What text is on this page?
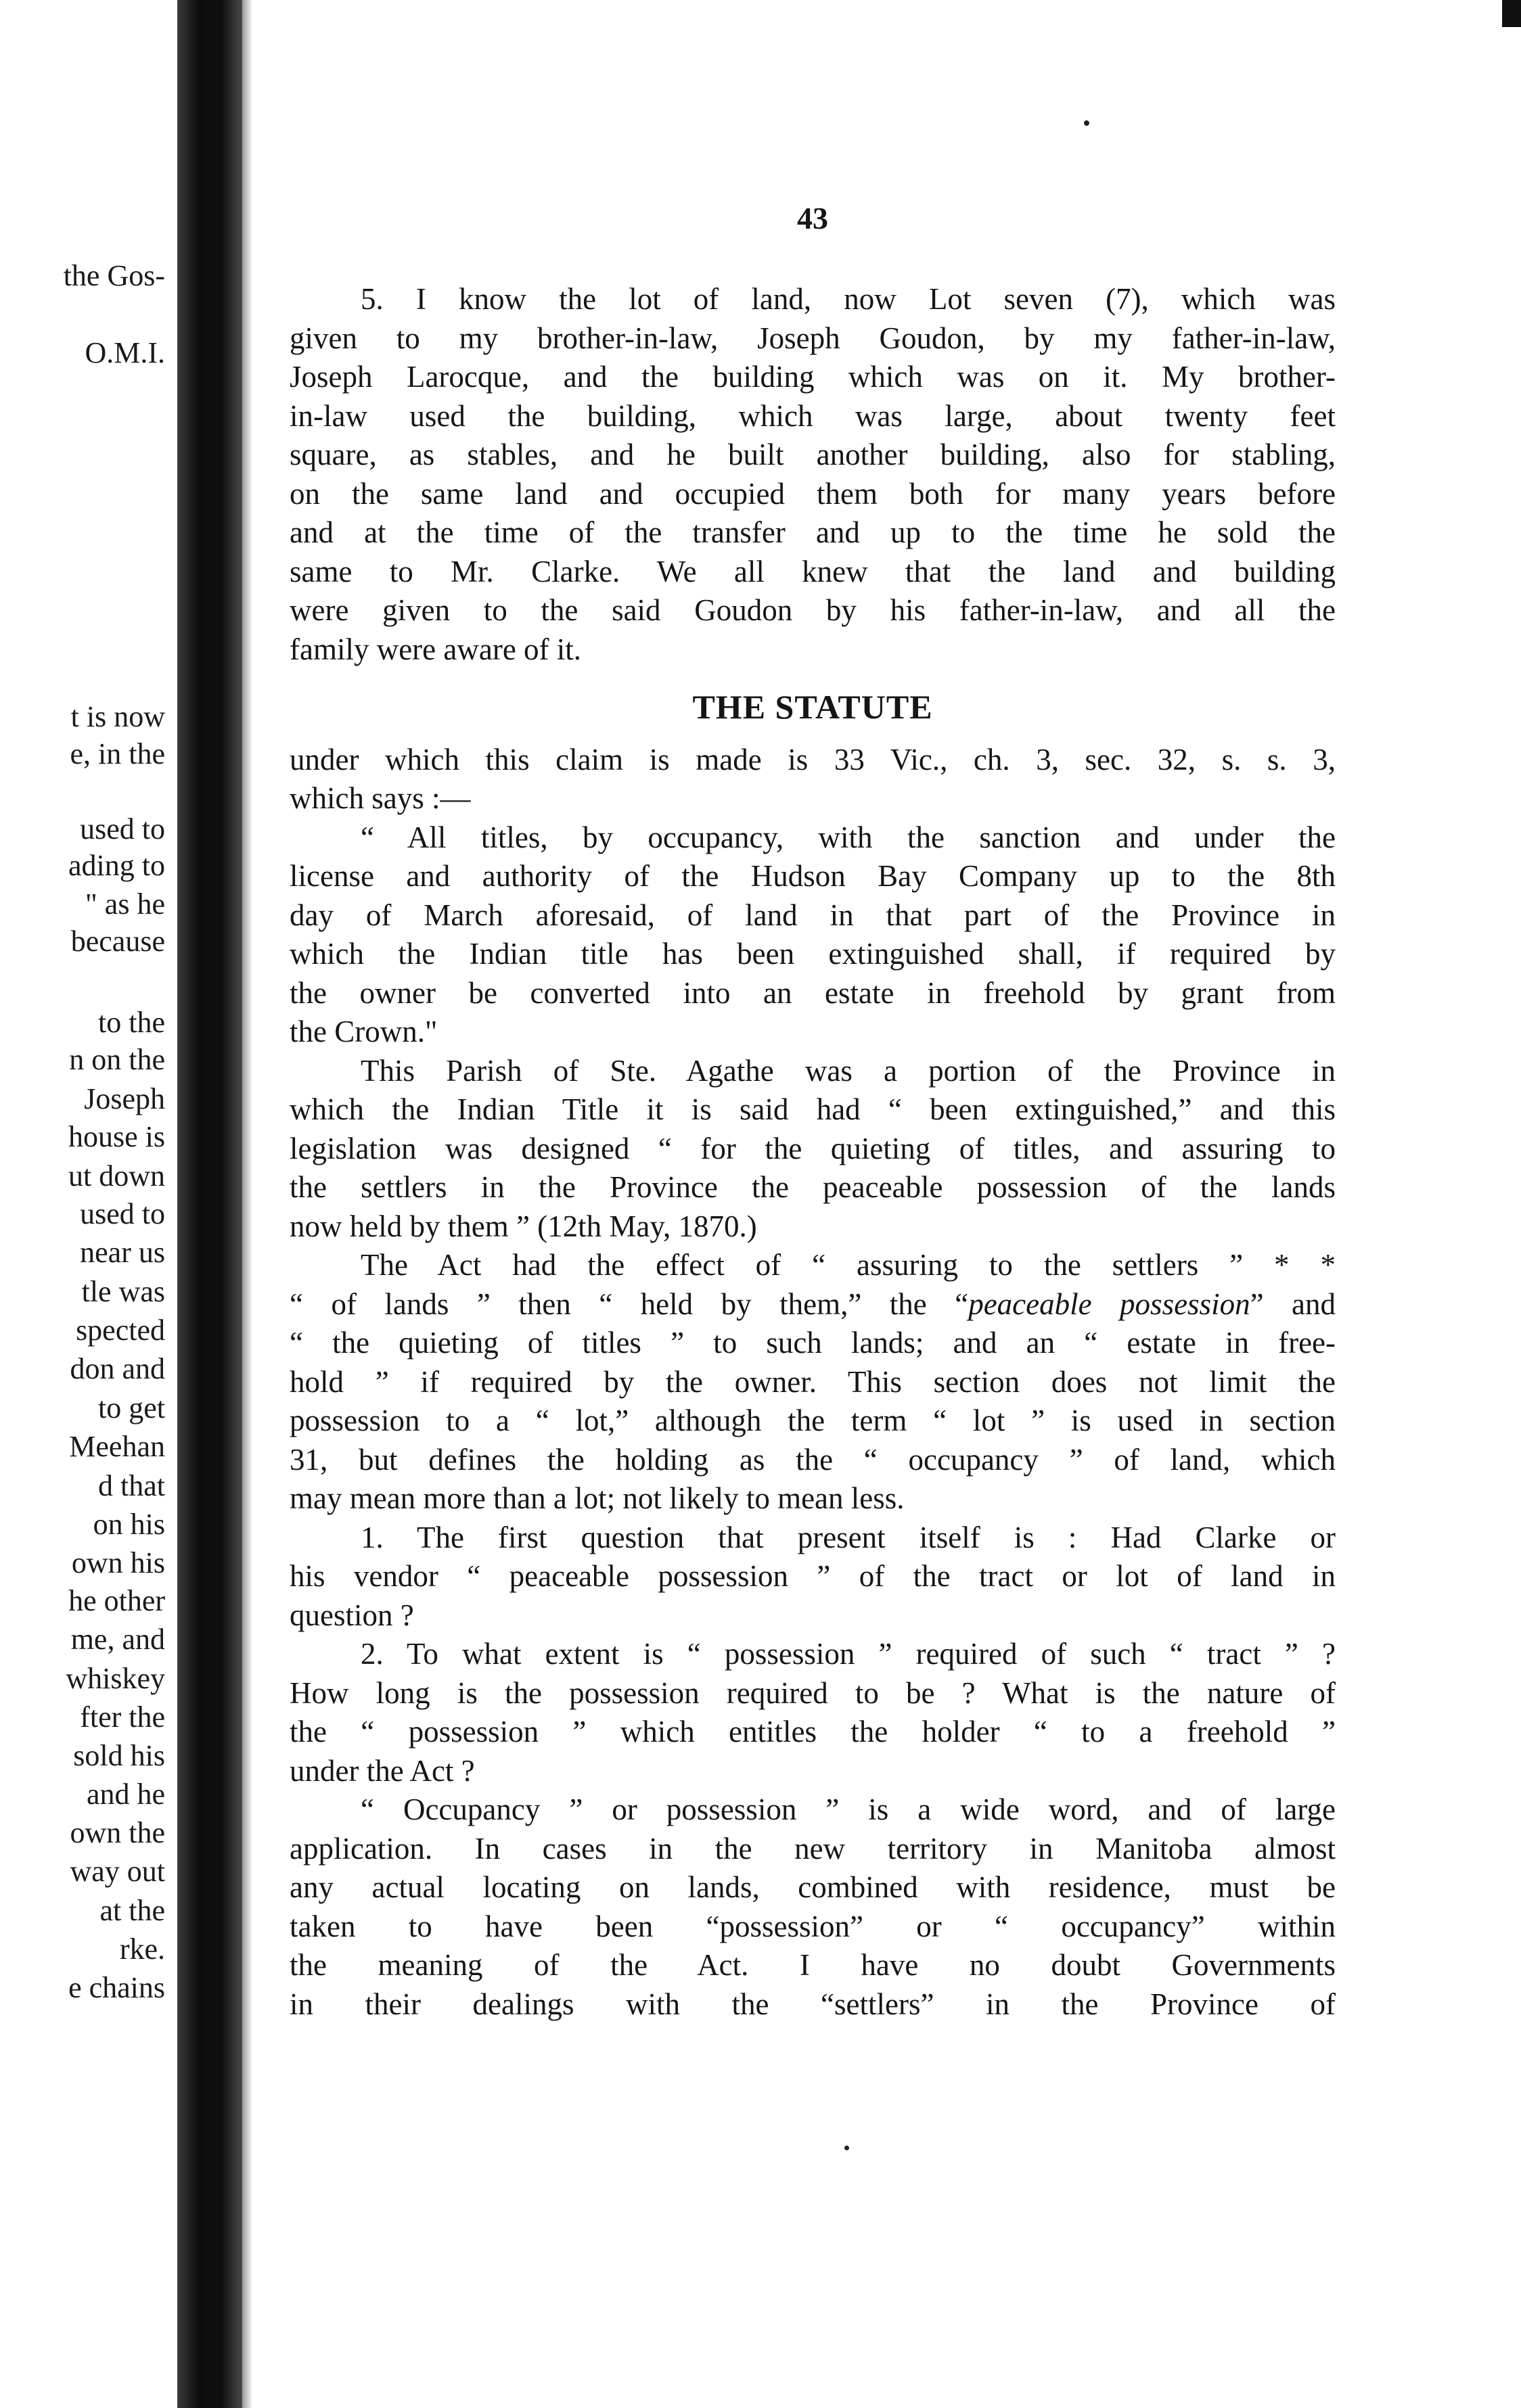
the Gos-
O.M.I.
t is now
e, in the
used to
ading to
" as he
because
to the
n on the
Joseph
house is
ut down
used to
near us
tle was
spected
don and
to get
Meehan
d that
on his
own his
he other
me, and
whiskey
fter the
sold his
and he
own the
way out
at the
rke.
e chains
43

5. I know the lot of land, now Lot seven (7), which was
given to my brother-in-law, Joseph Goudon, by my father-in-law,
Joseph Larocque, and the building which was on it. My brother-
in-law used the building, which was large, about twenty feet
square, as stables, and he built another building, also for stabling,
on the same land and occupied them both for many years before
and at the time of the transfer and up to the time he sold the
same to Mr. Clarke. We all knew that the land and building
were given to the said Goudon by his father-in-law, and all the
family were aware of it.

THE STATUTE

under which this claim is made is 33 Vic., ch. 3, sec. 32, s. s. 3,
which says :—

“ All titles, by occupancy, with the sanction and under the
license and authority of the Hudson Bay Company up to the 8th
day of March aforesaid, of land in that part of the Province in
which the Indian title has been extinguished shall, if required by
the owner be converted into an estate in freehold by grant from
the Crown."

This Parish of Ste. Agathe was a portion of the Province in
which the Indian Title it is said had “ been extinguished,” and this
legislation was designed “ for the quieting of titles, and assuring to
the settlers in the Province the peaceable possession of the lands
now held by them ” (12th May, 1870.)

The Act had the effect of “ assuring to the settlers ” * *
“ of lands ” then “ held by them,” the “peaceable possession” and
“ the quieting of titles ” to such lands; and an “ estate in free-
hold ” if required by the owner. This section does not limit the
possession to a “ lot,” although the term “ lot ” is used in section
31, but defines the holding as the “ occupancy ” of land, which
may mean more than a lot; not likely to mean less.

1. The first question that present itself is : Had Clarke or
his vendor “ peaceable possession ” of the tract or lot of land in
question ?

2. To what extent is “ possession ” required of such “ tract ” ?
How long is the possession required to be ? What is the nature of
the “ possession ” which entitles the holder “ to a freehold ”
under the Act ?

“ Occupancy ” or possession ” is a wide word, and of large
application. In cases in the new territory in Manitoba almost
any actual locating on lands, combined with residence, must be
taken to have been “possession” or “ occupancy” within
the meaning of the Act. I have no doubt Governments
in their dealings with the “settlers” in the Province of
